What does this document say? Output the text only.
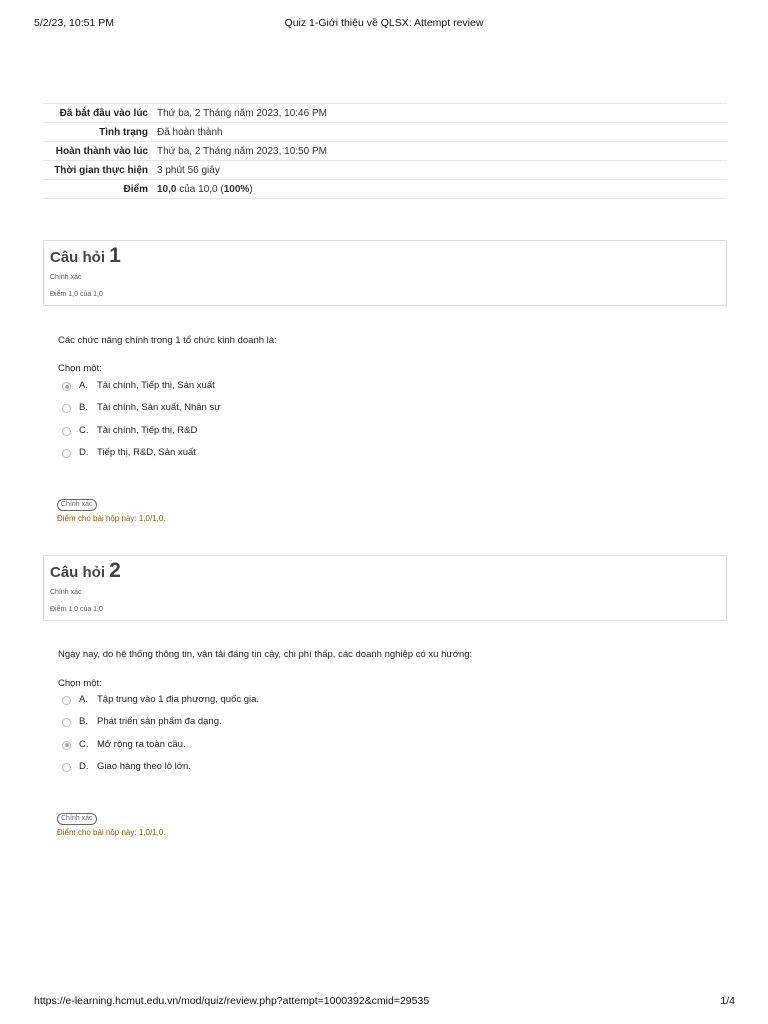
5/2/23, 10:51 PM	Quiz 1-Giới thiệu về QLSX: Attempt review
Đã bắt đầu vào lúc	Thứ ba, 2 Tháng năm 2023, 10:46 PM
Tình trạng	Đã hoàn thành
Hoàn thành vào lúc	Thứ ba, 2 Tháng năm 2023, 10:50 PM
Thời gian thực hiện	3 phút 56 giây
Điểm	10,0 của 10,0 (100%)
Câu hỏi 1
Chính xác
Điểm 1,0 của 1,0
Các chức năng chính trong 1 tổ chức kinh doanh là:
Chọn một:
A. Tài chính, Tiếp thị, Sản xuất
B. Tài chính, Sản xuất, Nhân sự
C. Tài chính, Tiếp thị, R&D
D. Tiếp thị, R&D, Sản xuất
Chính xác
Điểm cho bài nộp này: 1,0/1,0.
Câu hỏi 2
Chính xác
Điểm 1,0 của 1,0
Ngày nay, do hệ thống thông tin, vận tải đáng tin cậy, chi phí thấp, các doanh nghiệp có xu hướng:
Chọn một:
A. Tập trung vào 1 địa phương, quốc gia.
B. Phát triển sản phẩm đa dạng.
C. Mở rộng ra toàn cầu.
D. Giao hàng theo lô lớn.
Chính xác
Điểm cho bài nộp này: 1,0/1,0.
https://e-learning.hcmut.edu.vn/mod/quiz/review.php?attempt=1000392&cmid=29535	1/4
